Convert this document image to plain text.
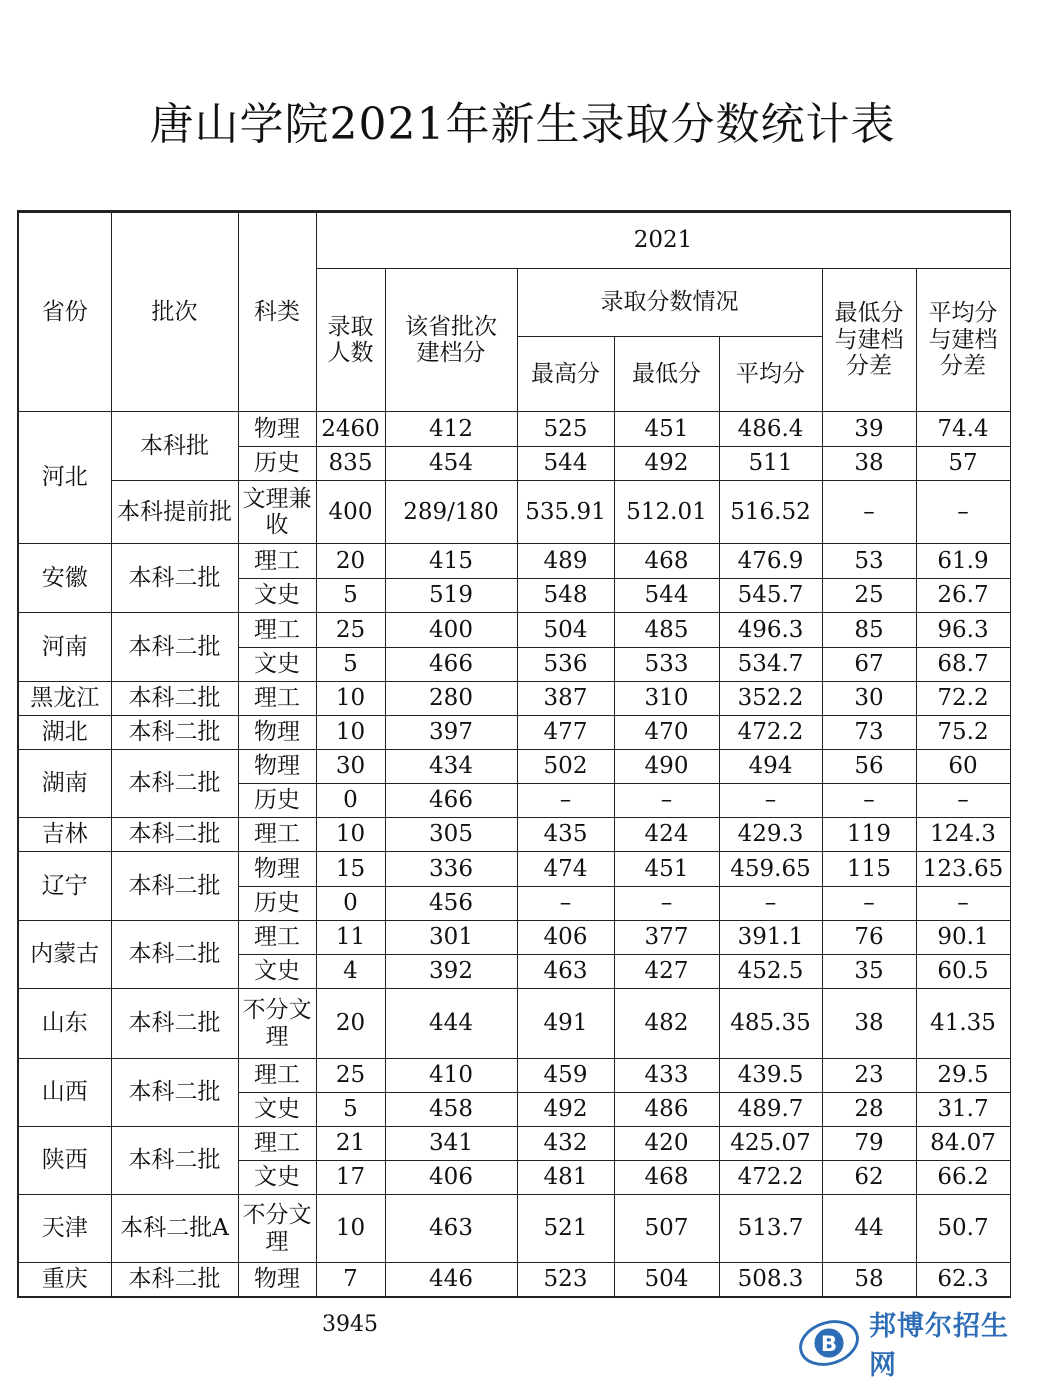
唐山学院2021年新生录取分数统计表
省份	批次	科类	2021						
			录取人数	该省批次建档分	录取分数情况			最低分与建档分差	平均分与建档分差
					最高分	最低分	平均分		
河北	本科批	物理	2460	412	525	451	486.4	39	74.4
		历史	835	454	544	492	511	38	57
	本科提前批	文理兼收	400	289/180	535.91	512.01	516.52	–	–
安徽	本科二批	理工	20	415	489	468	476.9	53	61.9
		文史	5	519	548	544	545.7	25	26.7
河南	本科二批	理工	25	400	504	485	496.3	85	96.3
		文史	5	466	536	533	534.7	67	68.7
黑龙江	本科二批	理工	10	280	387	310	352.2	30	72.2
湖北	本科二批	物理	10	397	477	470	472.2	73	75.2
湖南	本科二批	物理	30	434	502	490	494	56	60
		历史	0	466	–	–	–	–	–
吉林	本科二批	理工	10	305	435	424	429.3	119	124.3
辽宁	本科二批	物理	15	336	474	451	459.65	115	123.65
		历史	0	456	–	–	–	–	–
内蒙古	本科二批	理工	11	301	406	377	391.1	76	90.1
		文史	4	392	463	427	452.5	35	60.5
山东	本科二批	不分文理	20	444	491	482	485.35	38	41.35
山西	本科二批	理工	25	410	459	433	439.5	23	29.5
		文史	5	458	492	486	489.7	28	31.7
陕西	本科二批	理工	21	341	432	420	425.07	79	84.07
		文史	17	406	481	468	472.2	62	66.2
天津	本科二批A	不分文理	10	463	521	507	513.7	44	50.7
重庆	本科二批	物理	7	446	523	504	508.3	58	62.3
3945
B
邦博尔招生网
